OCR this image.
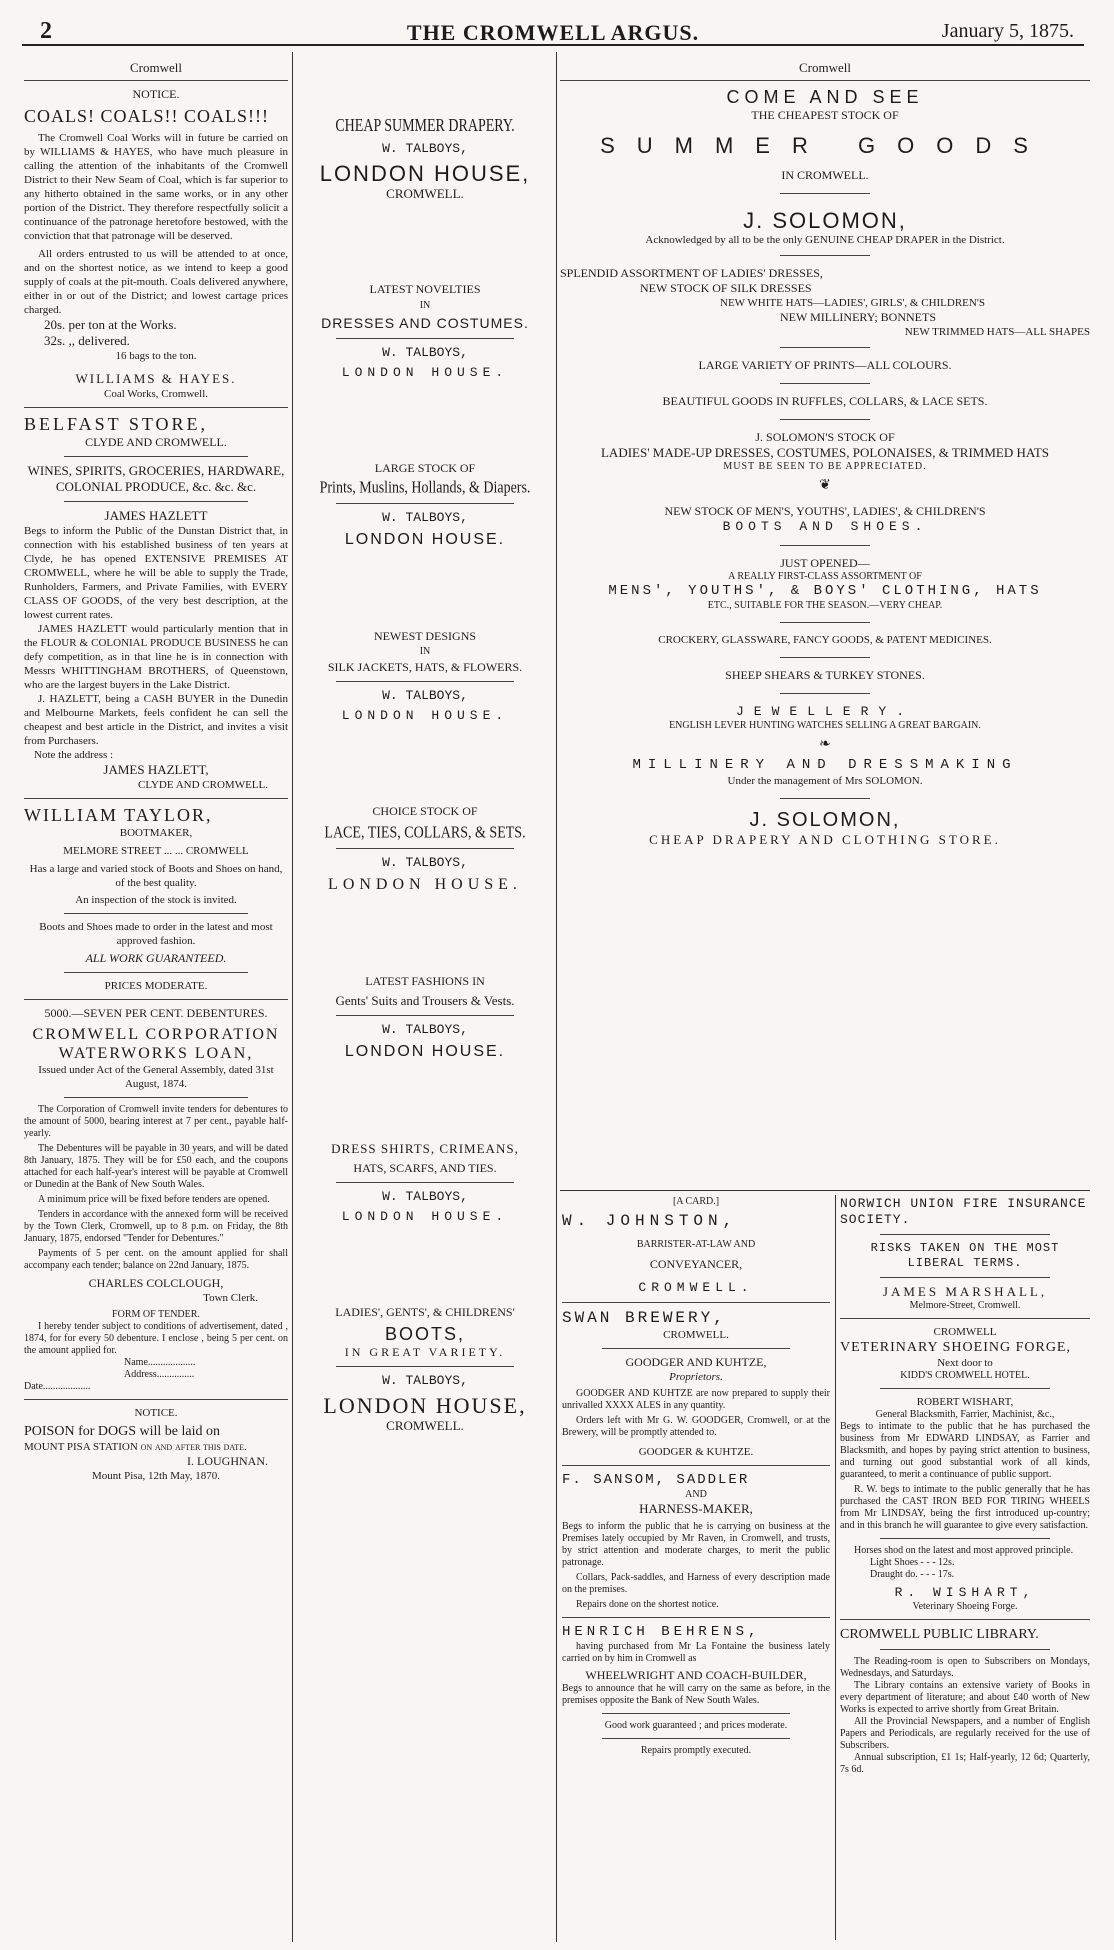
2	THE CROMWELL ARGUS.	January 5, 1875.
Cromwell
NOTICE.
COALS! COALS!! COALS!!!

The Cromwell Coal Works will in future be carried on by WILLIAMS & HAYES, who have much pleasure in calling the attention of the inhabitants of the Cromwell District to their New Seam of Coal, which is far superior to any hitherto obtained in the same works, or in any other portion of the District. They therefore respectfully solicit a continuance of the patronage heretofore bestowed, with the conviction that that patronage will be deserved.

All orders entrusted to us will be attended to at once, and on the shortest notice, as we intend to keep a good supply of coals at the pit-mouth. Coals delivered anywhere, either in or out of the District; and lowest cartage prices charged.

20s. per ton at the Works.
32s. ,, delivered.
16 bags to the ton.
WILLIAMS & HAYES.
Coal Works, Cromwell.
BELFAST STORE,
CLYDE AND CROMWELL.
WINES, SPIRITS, GROCERIES, HARDWARE, COLONIAL PRODUCE, &c. &c. &c.
JAMES HAZLETT

Begs to inform the Public of the Dunstan District that, in connection with his established business of ten years at Clyde, he has opened EXTENSIVE PREMISES AT CROMWELL, where he will be able to supply the Trade, Runholders, Farmers, and Private Families, with EVERY CLASS OF GOODS, of the very best description, at the lowest current rates.

JAMES HAZLETT would particularly mention that in the FLOUR & COLONIAL PRODUCE BUSINESS he can defy competition, as in that line he is in connection with Messrs WHITTINGHAM BROTHERS, of Queenstown, who are the largest buyers in the Lake District.

J. HAZLETT, being a CASH BUYER in the Dunedin and Melbourne Markets, feels confident he can sell the cheapest and best article in the District, and invites a visit from Purchasers.

Note the address :
JAMES HAZLETT,
CLYDE AND CROMWELL.
WILLIAM TAYLOR,
BOOTMAKER,
MELMORE STREET ... ... CROMWELL

Has a large and varied stock of Boots and Shoes on hand, of the best quality.

An inspection of the stock is invited.

Boots and Shoes made to order in the latest and most approved fashion.

ALL WORK GUARANTEED.
PRICES MODERATE.
5000.—SEVEN PER CENT. DEBENTURES.
CROMWELL CORPORATION WATERWORKS LOAN,
Issued under Act of the General Assembly, dated 31st August, 1874.

The Corporation of Cromwell invite tenders for debentures to the amount of 5000, bearing interest at 7 per cent., payable half-yearly.

The Debentures will be payable in 30 years, and will be dated 8th January, 1875. They will be for £50 each, and the coupons attached for each half-year's interest will be payable at Cromwell or Dunedin at the Bank of New South Wales.

A minimum price will be fixed before tenders are opened.

Tenders in accordance with the annexed form will be received by the Town Clerk, Cromwell, up to 8 p.m. on Friday, the 8th January, 1875, endorsed "Tender for Debentures."

Payments of 5 per cent. on the amount applied for shall accompany each tender; balance on 22nd January, 1875.

CHARLES COLCLOUGH,
Town Clerk.
FORM OF TENDER.

I hereby tender subject to conditions of advertisement, dated , 1874, for for every 50 debenture. I enclose , being 5 per cent. on the amount applied for.

Name...................
Address...............
Date...................
NOTICE.
POISON for DOGS will be laid on
MOUNT PISA STATION on and after this date.
I. LOUGHNAN.
Mount Pisa, 12th May, 1870.
CHEAP SUMMER DRAPERY.
W. TALBOYS,
LONDON HOUSE,
CROMWELL.
LATEST NOVELTIES
IN
DRESSES AND COSTUMES.
W. TALBOYS,
LONDON HOUSE.
LARGE STOCK OF
Prints, Muslins, Hollands, & Diapers.
W. TALBOYS,
LONDON HOUSE.
NEWEST DESIGNS
IN
SILK JACKETS, HATS, & FLOWERS.
W. TALBOYS,
LONDON HOUSE.
CHOICE STOCK OF
LACE, TIES, COLLARS, & SETS.
W. TALBOYS,
LONDON HOUSE.
LATEST FASHIONS IN
Gents' Suits and Trousers & Vests.
W. TALBOYS,
LONDON HOUSE.
DRESS SHIRTS, CRIMEANS,
HATS, SCARFS, AND TIES.
W. TALBOYS,
LONDON HOUSE.
LADIES', GENTS', & CHILDRENS'
BOOTS,
IN GREAT VARIETY.
W. TALBOYS,
LONDON HOUSE,
CROMWELL.
Cromwell
COME AND SEE
THE CHEAPEST STOCK OF
SUMMER GOODS
IN CROMWELL.
J. SOLOMON,
Acknowledged by all to be the only GENUINE CHEAP DRAPER in the District.
SPLENDID ASSORTMENT OF LADIES' DRESSES,
NEW STOCK OF SILK DRESSES
NEW WHITE HATS—LADIES', GIRLS', & CHILDREN'S
NEW MILLINERY; BONNETS
NEW TRIMMED HATS—ALL SHAPES
LARGE VARIETY OF PRINTS—ALL COLOURS.
BEAUTIFUL GOODS IN RUFFLES, COLLARS, & LACE SETS.
J. SOLOMON'S STOCK OF
LADIES' MADE-UP DRESSES, COSTUMES, POLONAISES, & TRIMMED HATS
MUST BE SEEN TO BE APPRECIATED.
❦
NEW STOCK OF MEN'S, YOUTHS', LADIES', & CHILDREN'S
BOOTS AND SHOES.
JUST OPENED—
A REALLY FIRST-CLASS ASSORTMENT OF
MENS', YOUTHS', & BOYS' CLOTHING, HATS
ETC., SUITABLE FOR THE SEASON.—VERY CHEAP.
CROCKERY, GLASSWARE, FANCY GOODS, & PATENT MEDICINES.
SHEEP SHEARS & TURKEY STONES.
JEWELLERY.
ENGLISH LEVER HUNTING WATCHES SELLING A GREAT BARGAIN.
❧
MILLINERY AND DRESSMAKING
Under the management of Mrs SOLOMON.
J. SOLOMON,
CHEAP DRAPERY AND CLOTHING STORE.
[A CARD.]
W. JOHNSTON,
BARRISTER-AT-LAW AND
CONVEYANCER,
CROMWELL.
SWAN BREWERY,
CROMWELL.
GOODGER AND KUHTZE,
Proprietors.

GOODGER AND KUHTZE are now prepared to supply their unrivalled XXXX ALES in any quantity.

Orders left with Mr G. W. GOODGER, Cromwell, or at the Brewery, will be promptly attended to.

GOODGER & KUHTZE.
F. SANSOM, SADDLER
AND
HARNESS-MAKER,

Begs to inform the public that he is carrying on business at the Premises lately occupied by Mr Raven, in Cromwell, and trusts, by strict attention and moderate charges, to merit the public patronage.

Collars, Pack-saddles, and Harness of every description made on the premises.

Repairs done on the shortest notice.

HENRICH BEHRENS,

having purchased from Mr La Fontaine the business lately carried on by him in Cromwell as

WHEELWRIGHT AND COACH-BUILDER,

Begs to announce that he will carry on the same as before, in the premises opposite the Bank of New South Wales.

Good work guaranteed ; and prices moderate.
Repairs promptly executed.
NORWICH UNION FIRE INSURANCE SOCIETY.
RISKS TAKEN ON THE MOST LIBERAL TERMS.
JAMES MARSHALL,
Melmore-Street, Cromwell.
CROMWELL
VETERINARY SHOEING FORGE,
Next door to
KIDD'S CROMWELL HOTEL.
ROBERT WISHART,
General Blacksmith, Farrier, Machinist, &c.,

Begs to intimate to the public that he has purchased the business from Mr EDWARD LINDSAY, as Farrier and Blacksmith, and hopes by paying strict attention to business, and turning out good substantial work of all kinds, guaranteed, to merit a continuance of public support.

R. W. begs to intimate to the public generally that he has purchased the CAST IRON BED FOR TIRING WHEELS from Mr LINDSAY, being the first introduced up-country; and in this branch he will guarantee to give every satisfaction.

Horses shod on the latest and most approved principle.

Light Shoes - - - 12s.
Draught do. - - - 17s.
R. WISHART,
Veterinary Shoeing Forge.
CROMWELL PUBLIC LIBRARY.

The Reading-room is open to Subscribers on Mondays, Wednesdays, and Saturdays.

The Library contains an extensive variety of Books in every department of literature; and about £40 worth of New Works is expected to arrive shortly from Great Britain.

All the Provincial Newspapers, and a number of English Papers and Periodicals, are regularly received for the use of Subscribers.

Annual subscription, £1 1s; Half-yearly, 12 6d; Quarterly, 7s 6d.
